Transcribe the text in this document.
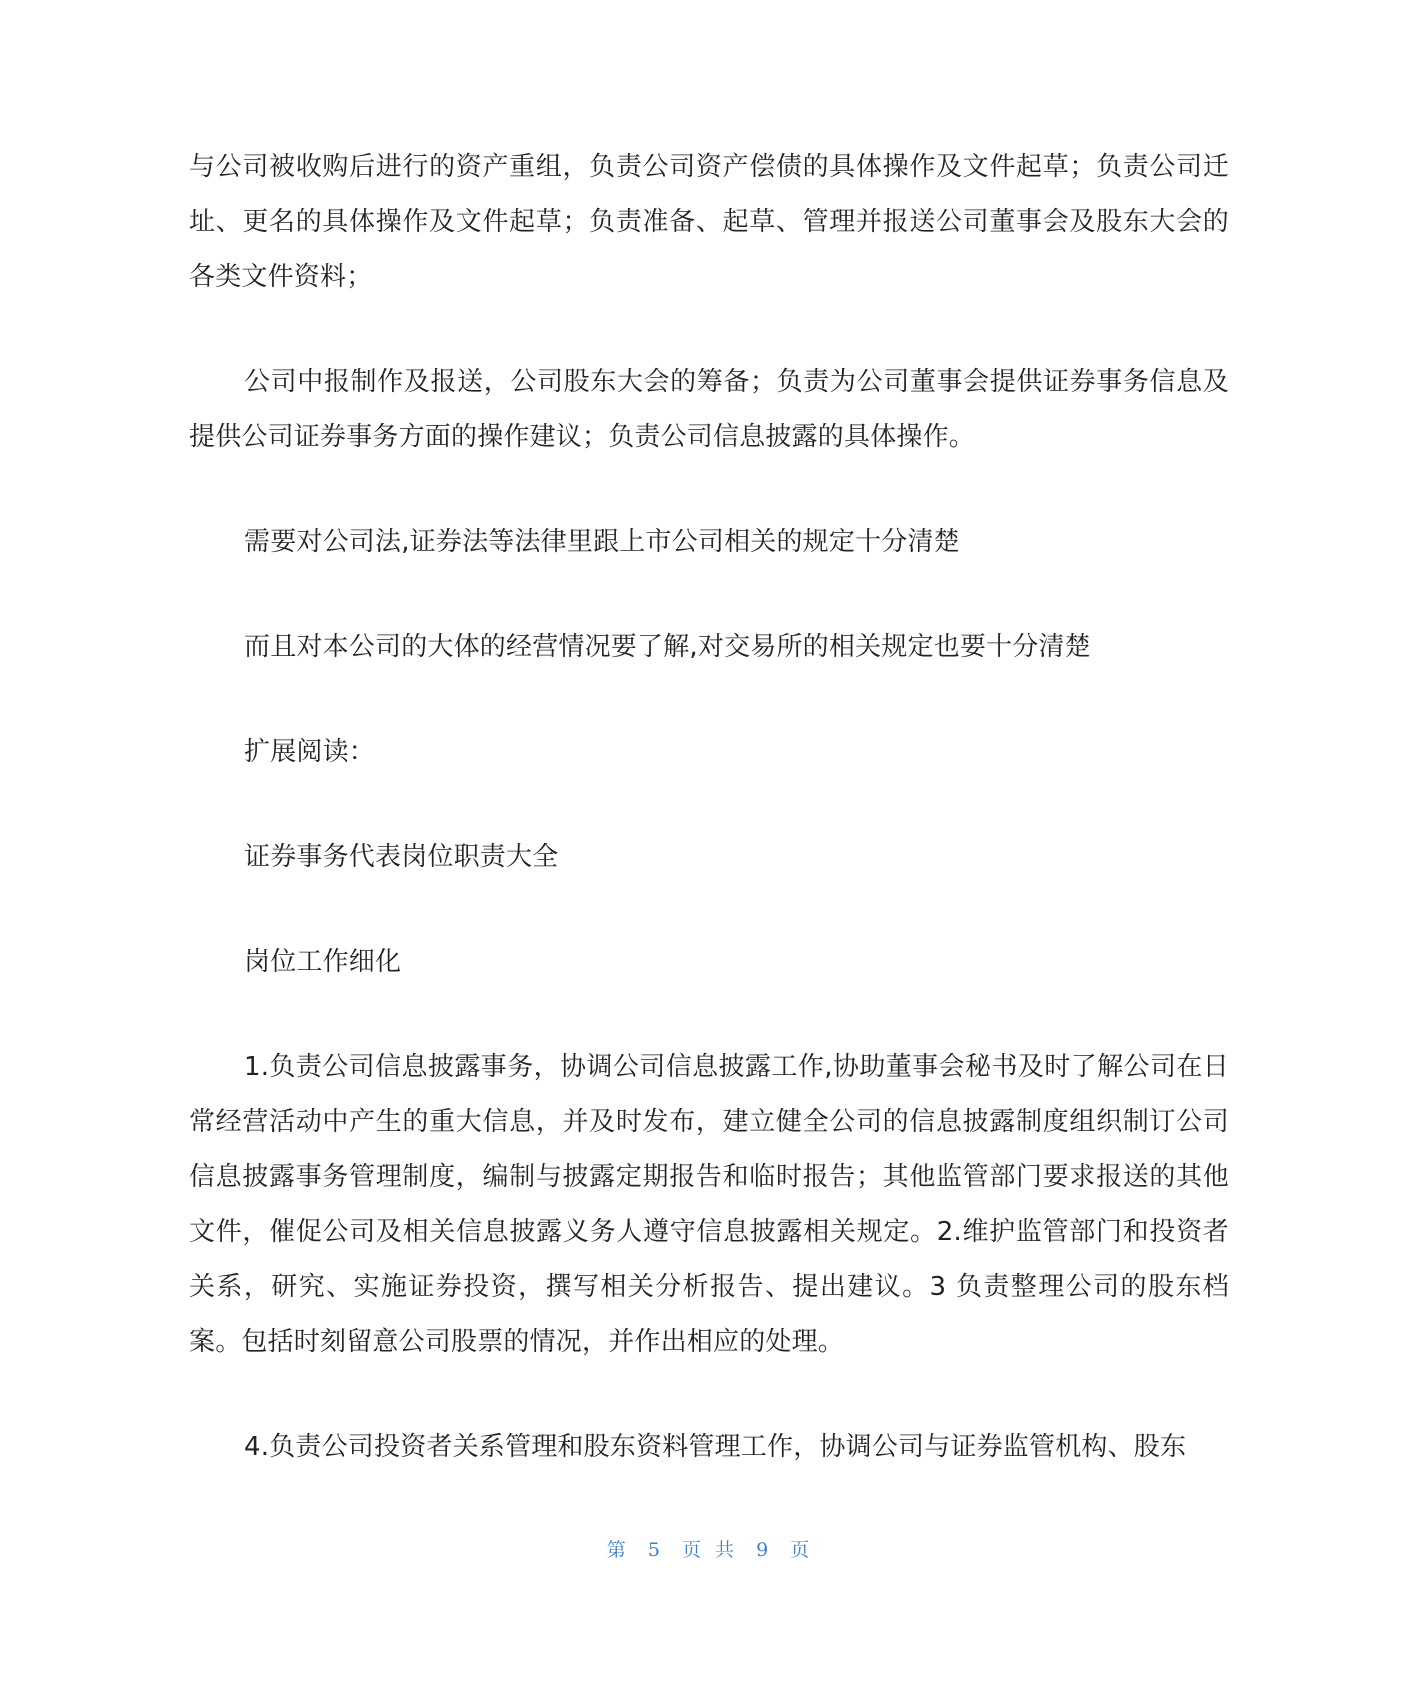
与公司被收购后进行的资产重组，负责公司资产偿债的具体操作及文件起草；负责公司迁址、更名的具体操作及文件起草；负责准备、起草、管理并报送公司董事会及股东大会的各类文件资料；

公司中报制作及报送，公司股东大会的筹备；负责为公司董事会提供证券事务信息及提供公司证券事务方面的操作建议；负责公司信息披露的具体操作。

需要对公司法,证券法等法律里跟上市公司相关的规定十分清楚

而且对本公司的大体的经营情况要了解,对交易所的相关规定也要十分清楚

扩展阅读：

证券事务代表岗位职责大全

岗位工作细化

1.负责公司信息披露事务，协调公司信息披露工作,协助董事会秘书及时了解公司在日常经营活动中产生的重大信息，并及时发布，建立健全公司的信息披露制度组织制订公司信息披露事务管理制度，编制与披露定期报告和临时报告；其他监管部门要求报送的其他文件，催促公司及相关信息披露义务人遵守信息披露相关规定。2.维护监管部门和投资者关系，研究、实施证券投资，撰写相关分析报告、提出建议。3 负责整理公司的股东档案。包括时刻留意公司股票的情况，并作出相应的处理。

4.负责公司投资者关系管理和股东资料管理工作，协调公司与证券监管机构、股东

第 5 页 共 9 页
